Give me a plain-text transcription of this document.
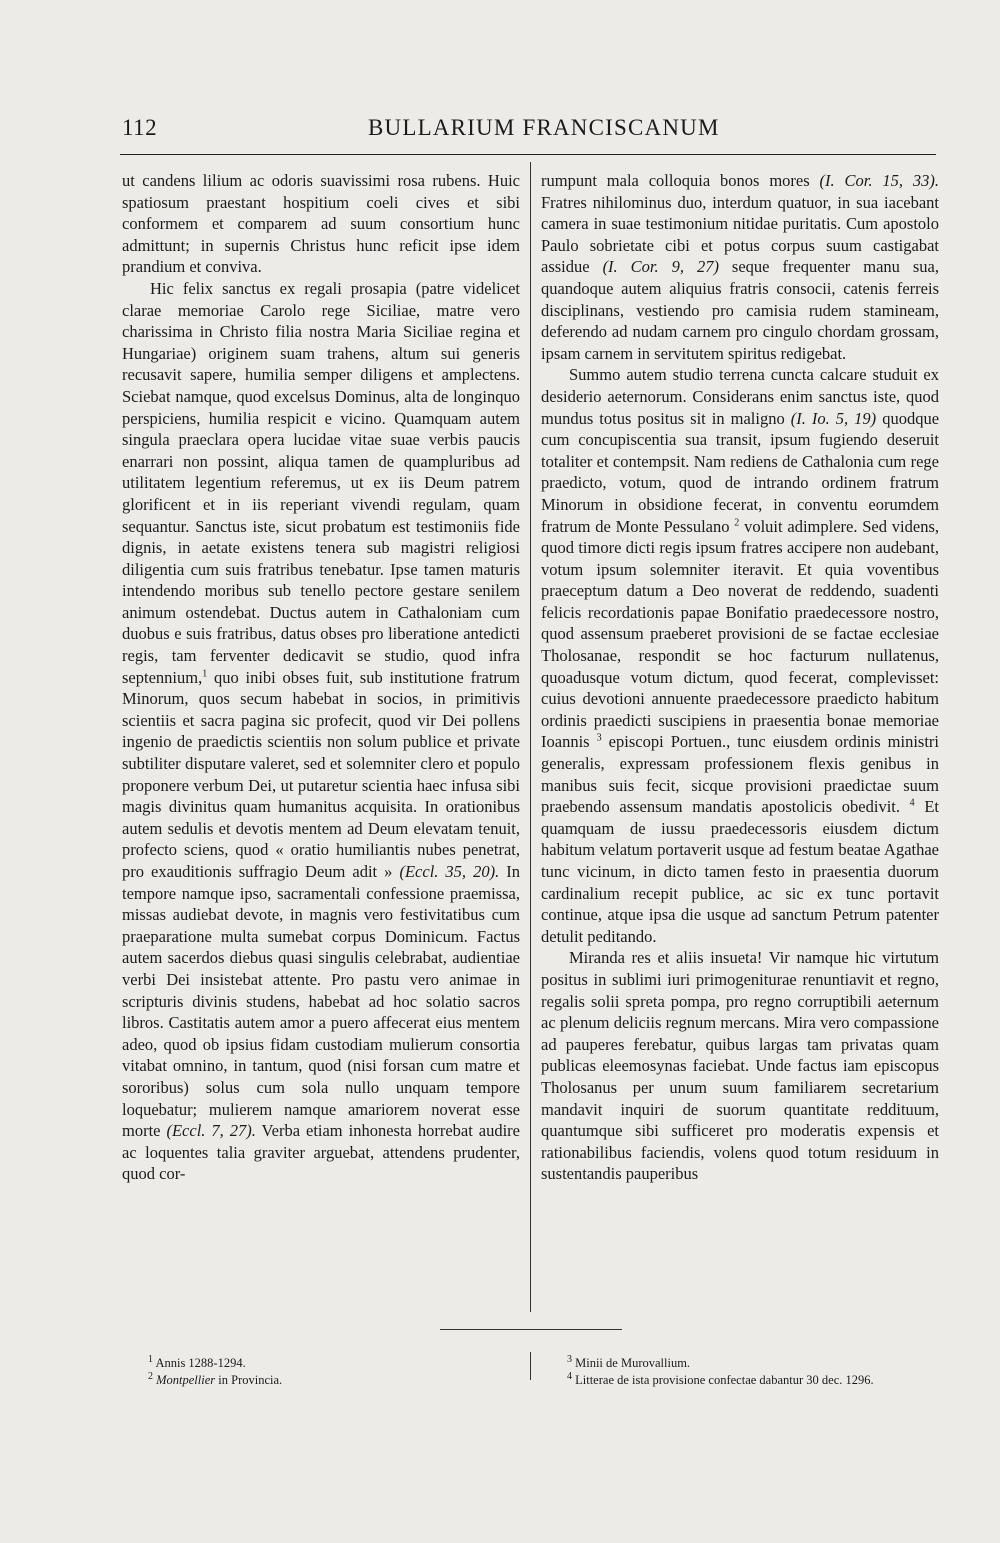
112	BULLARIUM FRANCISCANUM

ut candens lilium ac odoris suavissimi rosa rubens. Huic spatiosum praestant hospitium coeli cives et sibi conformem et comparem ad suum consortium hunc admittunt; in supernis Christus hunc reficit ipse idem prandium et conviva.

Hic felix sanctus ex regali prosapia (patre videlicet clarae memoriae Carolo rege Siciliae, matre vero charissima in Christo filia nostra Maria Siciliae regina et Hungariae) originem suam trahens, altum sui generis recusavit sapere, humilia semper diligens et amplectens. Sciebat namque, quod excelsus Dominus, alta de longinquo perspiciens, humilia respicit e vicino. Quamquam autem singula praeclara opera lucidae vitae suae verbis paucis enarrari non possint, aliqua tamen de quampluribus ad utilitatem legentium referemus, ut ex iis Deum patrem glorificent et in iis reperiant vivendi regulam, quam sequantur. Sanctus iste, sicut probatum est testimoniis fide dignis, in aetate existens tenera sub magistri religiosi diligentia cum suis fratribus tenebatur. Ipse tamen maturis intendendo moribus sub tenello pectore gestare senilem animum ostendebat. Ductus autem in Cathaloniam cum duobus e suis fratribus, datus obses pro liberatione antedicti regis, tam ferventer dedicavit se studio, quod infra septennium,$^1$ quo inibi obses fuit, sub institutione fratrum Minorum, quos secum habebat in socios, in primitivis scientiis et sacra pagina sic profecit, quod vir Dei pollens ingenio de praedictis scientiis non solum publice et private subtiliter disputare valeret, sed et solemniter clero et populo proponere verbum Dei, ut putaretur scientia haec infusa sibi magis divinitus quam humanitus acquisita. In orationibus autem sedulis et devotis mentem ad Deum elevatam tenuit, profecto sciens, quod « oratio humiliantis nubes penetrat, pro exauditionis suffragio Deum adit » (Eccl. 35, 20). In tempore namque ipso, sacramentali confessione praemissa, missas audiebat devote, in magnis vero festivitatibus cum praeparatione multa sumebat corpus Dominicum. Factus autem sacerdos diebus quasi singulis celebrabat, audientiae verbi Dei insistebat attente. Pro pastu vero animae in scripturis divinis studens, habebat ad hoc solatio sacros libros. Castitatis autem amor a puero affecerat eius mentem adeo, quod ob ipsius fidam custodiam mulierum consortia vitabat omnino, in tantum, quod (nisi forsan cum matre et sororibus) solus cum sola nullo unquam tempore loquebatur; mulierem namque amariorem noverat esse morte (Eccl. 7, 27). Verba etiam inhonesta horrebat audire ac loquentes talia graviter arguebat, attendens prudenter, quod cor-

rumpunt mala colloquia bonos mores (I. Cor. 15, 33). Fratres nihilominus duo, interdum quatuor, in sua iacebant camera in suae testimonium nitidae puritatis. Cum apostolo Paulo sobrietate cibi et potus corpus suum castigabat assidue (I. Cor. 9, 27) seque frequenter manu sua, quandoque autem aliquius fratris consocii, catenis ferreis disciplinans, vestiendo pro camisia rudem stamineam, deferendo ad nudam carnem pro cingulo chordam grossam, ipsam carnem in servitutem spiritus redigebat.

Summo autem studio terrena cuncta calcare studuit ex desiderio aeternorum. Considerans enim sanctus iste, quod mundus totus positus sit in maligno (I. Io. 5, 19) quodque cum concupiscentia sua transit, ipsum fugiendo deseruit totaliter et contempsit. Nam rediens de Cathalonia cum rege praedicto, votum, quod de intrando ordinem fratrum Minorum in obsidione fecerat, in conventu eorumdem fratrum de Monte Pessulano $^2$ voluit adimplere. Sed videns, quod timore dicti regis ipsum fratres accipere non audebant, votum ipsum solemniter iteravit. Et quia voventibus praeceptum datum a Deo noverat de reddendo, suadenti felicis recordationis papae Bonifatio praedecessore nostro, quod assensum praeberet provisioni de se factae ecclesiae Tholosanae, respondit se hoc facturum nullatenus, quoadusque votum dictum, quod fecerat, complevisset: cuius devotioni annuente praedecessore praedicto habitum ordinis praedicti suscipiens in praesentia bonae memoriae Ioannis $^3$ episcopi Portuen., tunc eiusdem ordinis ministri generalis, expressam professionem flexis genibus in manibus suis fecit, sicque provisioni praedictae suum praebendo assensum mandatis apostolicis obedivit. $^4$ Et quamquam de iussu praedecessoris eiusdem dictum habitum velatum portaverit usque ad festum beatae Agathae tunc vicinum, in dicto tamen festo in praesentia duorum cardinalium recepit publice, ac sic ex tunc portavit continue, atque ipsa die usque ad sanctum Petrum patenter detulit peditando.

Miranda res et aliis insueta! Vir namque hic virtutum positus in sublimi iuri primogeniturae renuntiavit et regno, regalis solii spreta pompa, pro regno corruptibili aeternum ac plenum deliciis regnum mercans. Mira vero compassione ad pauperes ferebatur, quibus largas tam privatas quam publicas eleemosynas faciebat. Unde factus iam episcopus Tholosanus per unum suum familiarem secretarium mandavit inquiri de suorum quantitate reddituum, quantumque sibi sufficeret pro moderatis expensis et rationabilibus faciendis, volens quod totum residuum in sustentandis pauperibus

$^1$ Annis 1288-1294.

$^2$ Montpellier in Provincia.

$^3$ Minii de Murovallium.

$^4$ Litterae de ista provisione confectae dabantur 30 dec. 1296.
